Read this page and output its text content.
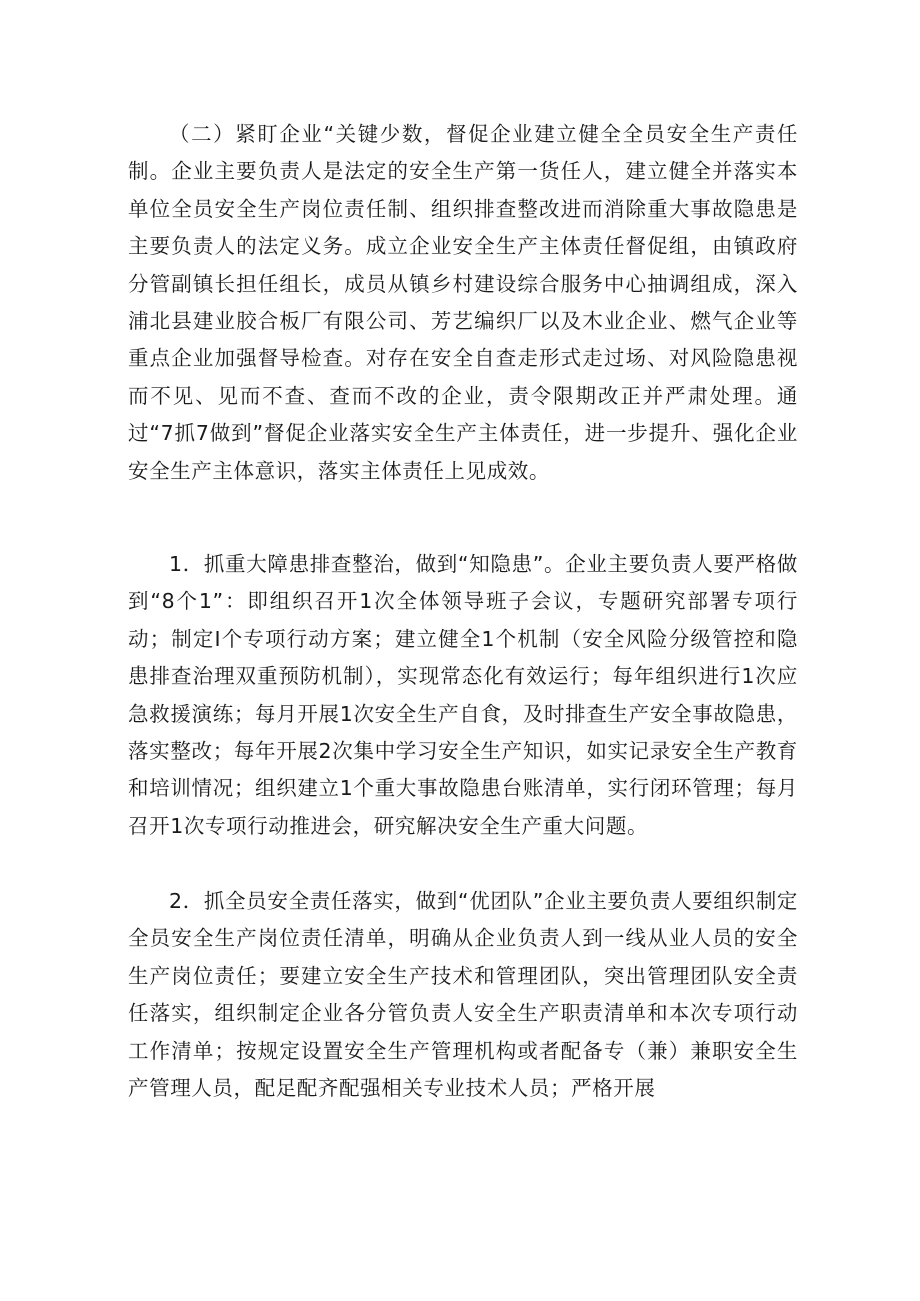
（二）紧盯企业“关键少数，督促企业建立健全全员安全生产责任制。企业主要负责人是法定的安全生产第一货任人，建立健全并落实本单位全员安全生产岗位责任制、组织排查整改进而消除重大事故隐患是主要负责人的法定义务。成立企业安全生产主体责任督促组，由镇政府分管副镇长担任组长，成员从镇乡村建设综合服务中心抽调组成，深入浦北县建业胶合板厂有限公司、芳艺编织厂以及木业企业、燃气企业等重点企业加强督导检查。对存在安全自查走形式走过场、对风险隐患视而不见、见而不查、查而不改的企业，责令限期改正并严肃处理。通过“7抓7做到”督促企业落实安全生产主体责任，进一步提升、强化企业安全生产主体意识，落实主体责任上见成效。

1．抓重大障患排查整治，做到“知隐患”。企业主要负责人要严格做到“8个1”：即组织召开1次全体领导班子会议，专题研究部署专项行动；制定I个专项行动方案；建立健全1个机制（安全风险分级管控和隐患排查治理双重预防机制），实现常态化有效运行；每年组织进行1次应急救援演练；每月开展1次安全生产自食，及时排查生产安全事故隐患，落实整改；每年开展2次集中学习安全生产知识，如实记录安全生产教育和培训情况；组织建立1个重大事故隐患台账清单，实行闭环管理；每月召开1次专项行动推进会，研究解决安全生产重大问题。

2．抓全员安全责任落实，做到“优团队”企业主要负责人要组织制定全员安全生产岗位责任清单，明确从企业负责人到一线从业人员的安全生产岗位责任；要建立安全生产技术和管理团队，突出管理团队安全责任落实，组织制定企业各分管负责人安全生产职责清单和本次专项行动工作清单；按规定设置安全生产管理机构或者配备专（兼）兼职安全生产管理人员，配足配齐配强相关专业技术人员；严格开展
